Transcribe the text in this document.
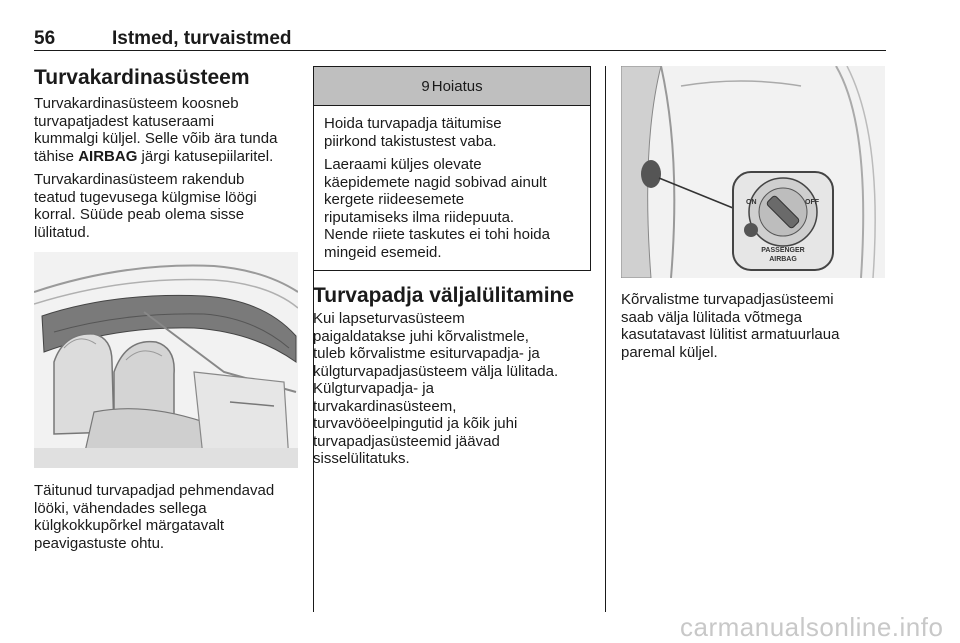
56	Istmed, turvaistmed
Turvakardinasüsteem

Turvakardinasüsteem koosneb
turvapatjadest katuseraami
kummalgi küljel. Selle võib ära tunda
tähise AIRBAG järgi katusepiilaritel.

Turvakardinasüsteem rakendub
teatud tugevusega külgmise löögi
korral. Süüde peab olema sisse
lülitatud.

Täitunud turvapadjad pehmendavad
lööki, vähendades sellega
külgkokkupõrkel märgatavalt
peavigastuste ohtu.
9 Hoiatus

Hoida turvapadja täitumise
piirkond takistustest vaba.

Laeraami küljes olevate
käepidemete nagid sobivad ainult
kergete riideesemete
riputamiseks ilma riidepuuta.
Nende riiete taskutes ei tohi hoida
mingeid esemeid.

Turvapadja väljalülitamine
Kui lapseturvasüsteem
paigaldatakse juhi kõrvalistmele,
tuleb kõrvalistme esiturvapadja- ja
külgturvapadjasüsteem välja lülitada.
Külgturvapadja- ja
turvakardinasüsteem,
turvavööeelpingutid ja kõik juhi
turvapadjasüsteemid jäävad
sisselülitatuks.
ON	OFF
PASSENGER
AIRBAG
Kõrvalistme turvapadjasüsteemi
saab välja lülitada võtmega
kasutatavast lülitist armatuurlaua
paremal küljel.
carmanualsonline.info
